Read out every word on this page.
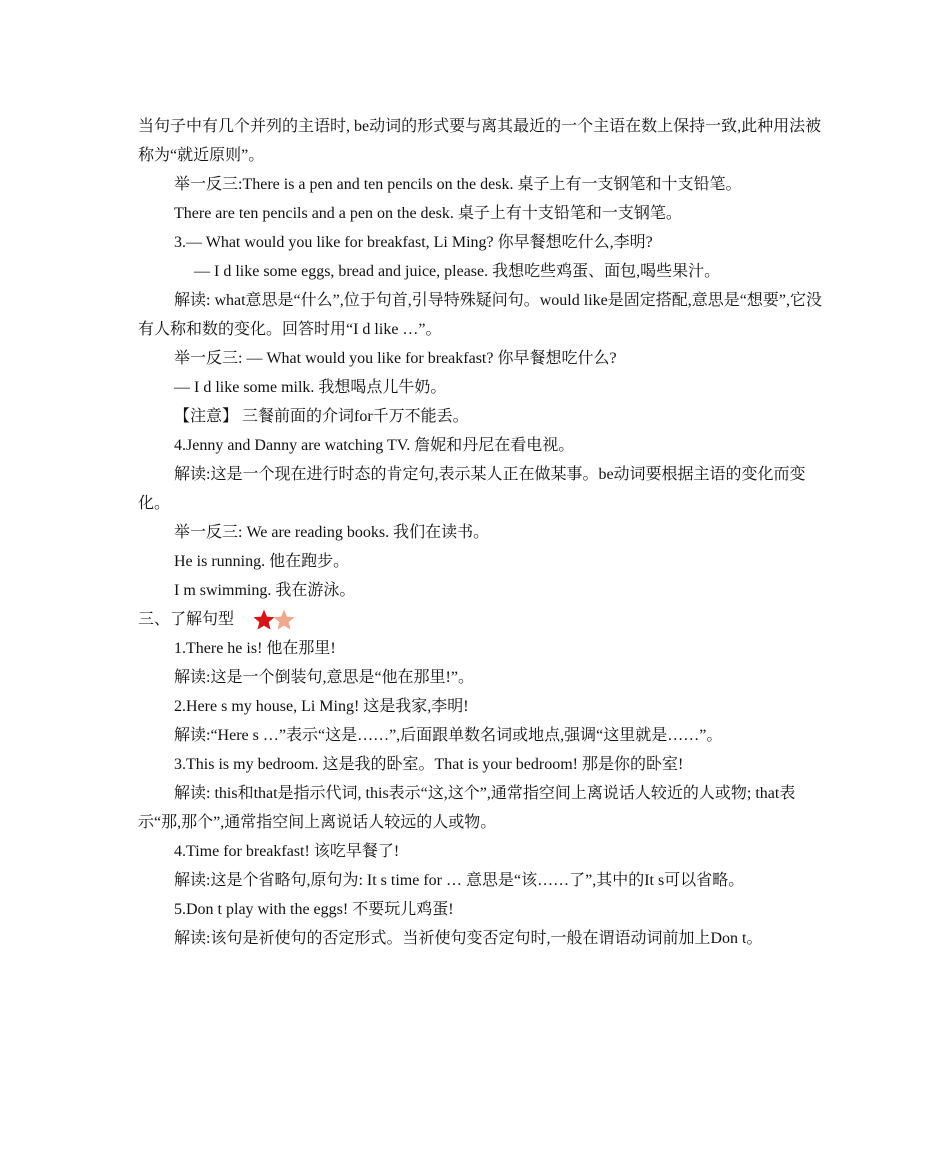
当句子中有几个并列的主语时, be动词的形式要与离其最近的一个主语在数上保持一致,此种用法被称为“就近原则”。

举一反三:There is a pen and ten pencils on the desk. 桌子上有一支钢笔和十支铅笔。

There are ten pencils and a pen on the desk. 桌子上有十支铅笔和一支钢笔。

3.— What would you like for breakfast, Li Ming? 你早餐想吃什么,李明?

— I d like some eggs, bread and juice, please. 我想吃些鸡蛋、面包,喝些果汁。

解读: what意思是“什么”,位于句首,引导特殊疑问句。would like是固定搭配,意思是“想要”,它没有人称和数的变化。回答时用“I d like …”。

举一反三: — What would you like for breakfast? 你早餐想吃什么?

— I d like some milk. 我想喝点儿牛奶。

【注意】 三餐前面的介词for千万不能丢。

4.Jenny and Danny are watching TV. 詹妮和丹尼在看电视。

解读:这是一个现在进行时态的肯定句,表示某人正在做某事。be动词要根据主语的变化而变化。

举一反三: We are reading books. 我们在读书。

He is running. 他在跑步。

I m swimming. 我在游泳。

三、了解句型

1.There he is! 他在那里!

解读:这是一个倒装句,意思是“他在那里!”。

2.Here s my house, Li Ming! 这是我家,李明!

解读:“Here s …”表示“这是……”,后面跟单数名词或地点,强调“这里就是……”。

3.This is my bedroom. 这是我的卧室。That is your bedroom! 那是你的卧室!

解读: this和that是指示代词, this表示“这,这个”,通常指空间上离说话人较近的人或物; that表示“那,那个”,通常指空间上离说话人较远的人或物。

4.Time for breakfast! 该吃早餐了!

解读:这是个省略句,原句为: It s time for … 意思是“该……了”,其中的It s可以省略。

5.Don t play with the eggs! 不要玩儿鸡蛋!

解读:该句是祈使句的否定形式。当祈使句变否定句时,一般在谓语动词前加上Don t。
